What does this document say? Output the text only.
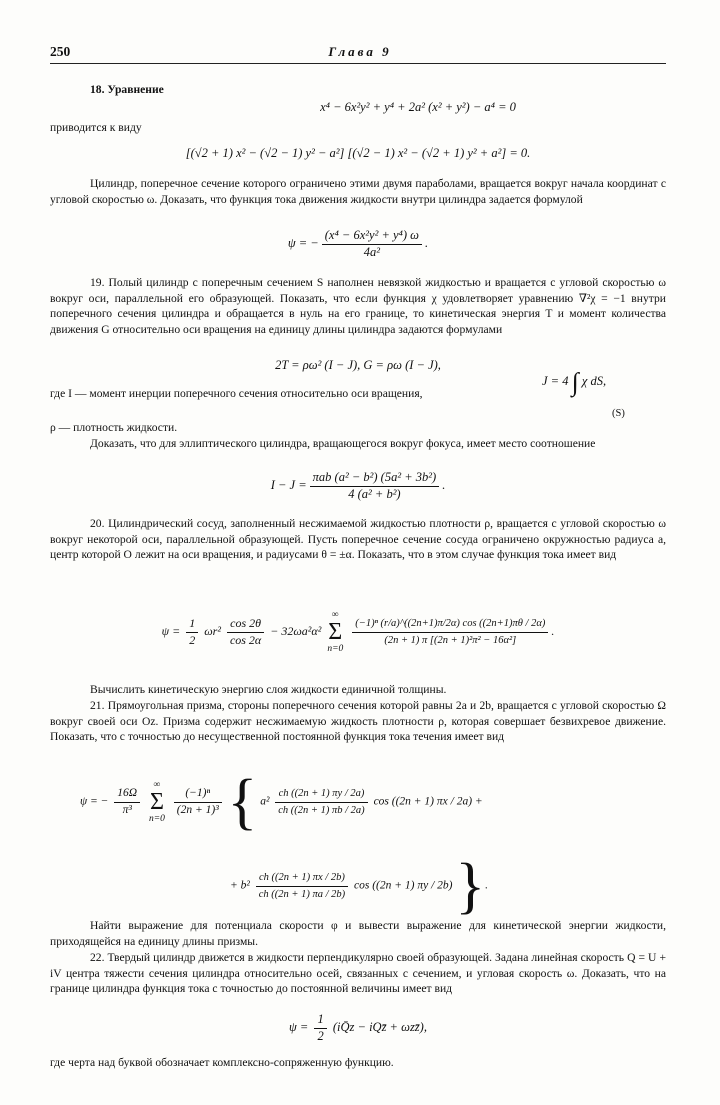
250	Глава 9
18. Уравнение
x⁴ − 6x²y² + y⁴ + 2a² (x² + y²) − a⁴ = 0
приводится к виду
[(√2 + 1) x² − (√2 − 1) y² − a²] [(√2 − 1) x² − (√2 + 1) y² + a²] = 0.
Цилиндр, поперечное сечение которого ограничено этими двумя параболами, вращается вокруг начала координат с угловой скоростью ω. Доказать, что функция тока движения жидкости внутри цилиндра задается формулой
ψ = − $\frac{\text{(x⁴ − 6x²y² + y⁴) ω}}{\text{4a²}}$ .
19. Полый цилиндр с поперечным сечением S наполнен невязкой жидкостью и вращается с угловой скоростью ω вокруг оси, параллельной его образующей. Показать, что если функция χ удовлетворяет уравнению ∇²χ = −1 внутри поперечного сечения цилиндра и обращается в нуль на его границе, то кинетическая энергия T и момент количества движения G относительно оси вращения на единицу длины цилиндра задаются формулами
2T = ρω² (I − J), G = ρω (I − J),
где I — момент инерции поперечного сечения относительно оси вращения,
J = 4 ∫ χ dS,
(S)
ρ — плотность жидкости.
Доказать, что для эллиптического цилиндра, вращающегося вокруг фокуса, имеет место соотношение
I − J =
πab (a² − b²) (5a² + 3b²)
4 (a² + b²)
.
20. Цилиндрический сосуд, заполненный несжимаемой жидкостью плотности ρ, вращается с угловой скоростью ω вокруг некоторой оси, параллельной образующей. Пусть поперечное сечение сосуда ограничено окружностью радиуса a, центр которой O лежит на оси вращения, и радиусами θ = ±α. Показать, что в этом случае функция тока имеет вид
$\psi = \frac{1}{2} \omega r^2 \frac{\cos 2\theta}{\cos 2\alpha} - 32\omega a^2\alpha^2$
∞
Σ
n=0

$\frac{\text{(−1)ⁿ (r/a)\textasciicircum{}((2n+1)π/2α) cos ((2n+1)πθ / 2α)}}{\text{(2n + 1) π [(2n + 1)²π² − 16α²]}}$ .
Вычислить кинетическую энергию слоя жидкости единичной толщины.
21. Прямоугольная призма, стороны поперечного сечения которой равны 2a и 2b, вращается с угловой скоростью Ω вокруг своей оси Oz. Призма содержит несжимаемую жидкость плотности ρ, которая совершает безвихревое движение. Показать, что с точностью до несущественной постоянной функция тока течения имеет вид
ψ = − $\frac{16\Omega}{\text{π³}}$

∞
Σ
n=0

$\frac{\text{(−1)ⁿ}}{\text{(2n + 1)³}}$ { $a^2 \frac{ch ((2n + 1) \pi y / 2a)}{ch ((2n + 1) \pi b / 2a)}$ cos ((2n + 1) πx / 2a) +
+ $b^2 \frac{ch ((2n + 1) \pi x / 2b)}{ch ((2n + 1) \pi a / 2b)}$ cos ((2n + 1) πy / 2b) }.
Найти выражение для потенциала скорости φ и вывести выражение для кинетической энергии жидкости, приходящейся на единицу длины призмы.
22. Твердый цилиндр движется в жидкости перпендикулярно своей образующей. Задана линейная скорость Q = U + iV центра тяжести сечения цилиндра относительно осей, связанных с сечением, и угловая скорость ω. Доказать, что на границе цилиндра функция тока с точностью до постоянной величины имеет вид
$\psi = \frac{1}{2}$ (iQ̄z − iQz̄ + ωzz̄),
где черта над буквой обозначает комплексно-сопряженную функцию.
